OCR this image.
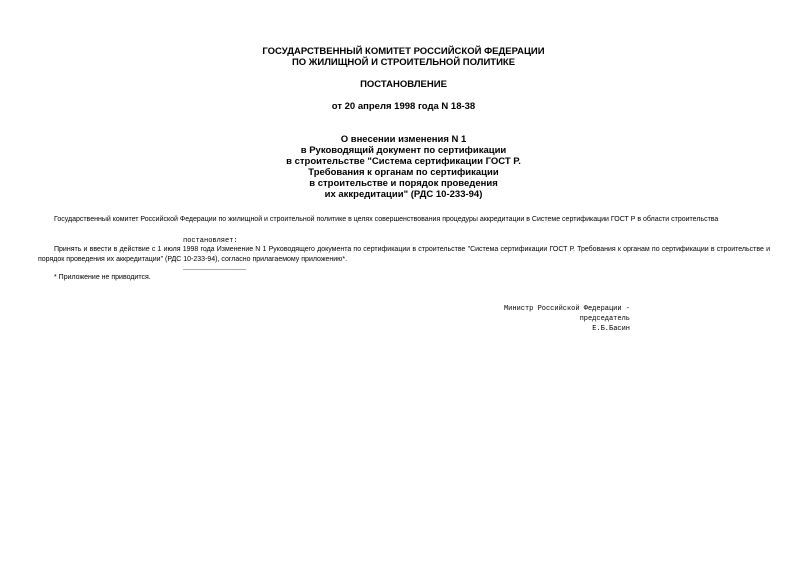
ГОСУДАРСТВЕННЫЙ КОМИТЕТ РОССИЙСКОЙ ФЕДЕРАЦИИ
ПО ЖИЛИЩНОЙ И СТРОИТЕЛЬНОЙ ПОЛИТИКЕ
ПОСТАНОВЛЕНИЕ
от 20 апреля 1998 года N 18-38
О внесении изменения N 1
в Руководящий документ по сертификации
в строительстве "Система сертификации ГОСТ Р.
Требования к органам по сертификации
в строительстве и порядок проведения
их аккредитации" (РДС 10-233-94)
Государственный комитет Российской Федерации по жилищной и строительной политике в целях совершенствования процедуры аккредитации в Системе сертификации ГОСТ Р в области строительства
постановляет:
Принять и ввести в действие с 1 июля 1998 года Изменение N 1 Руководящего документа по сертификации в строительстве "Система сертификации ГОСТ Р. Требования к органам по сертификации в строительстве и порядок проведения их аккредитации" (РДС 10-233-94), согласно прилагаемому приложению*.
_______________
* Приложение не приводится.
Министр Российской Федерации -
председатель
Е.Б.Басин
